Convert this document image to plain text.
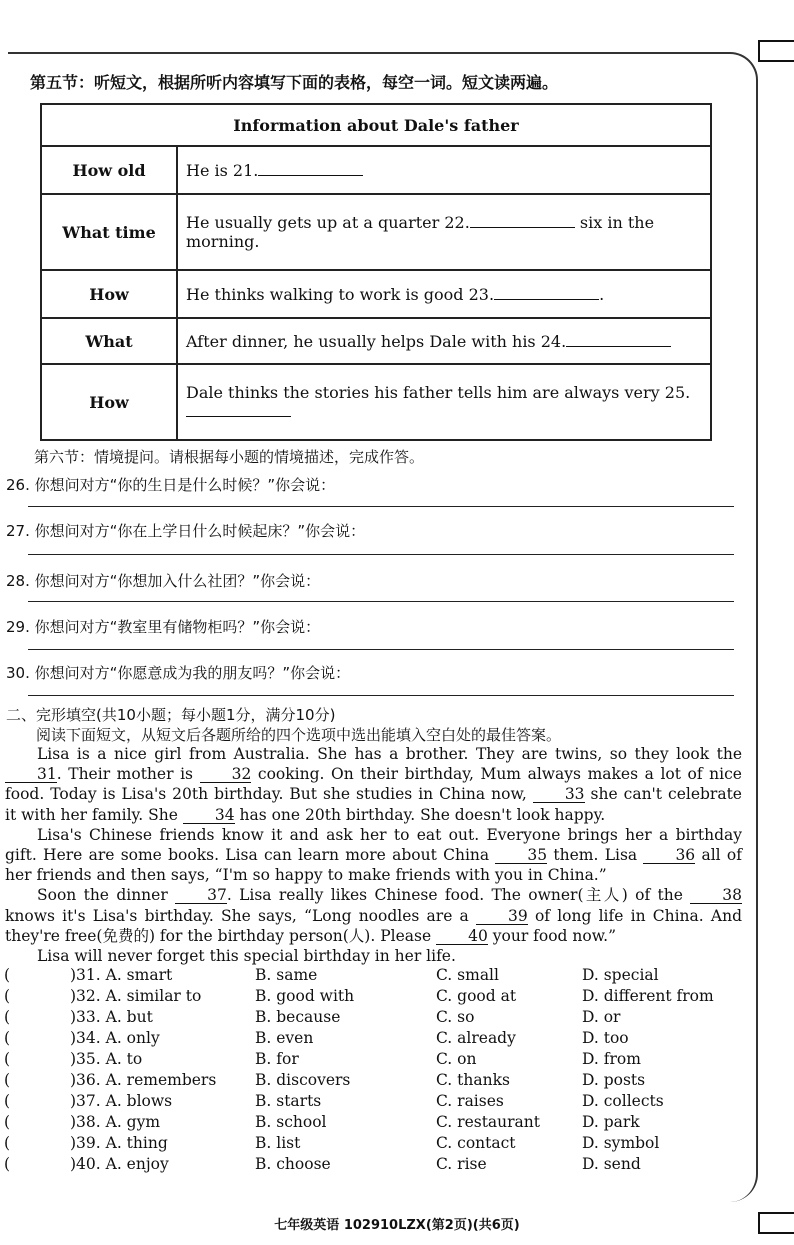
第五节：听短文，根据所听内容填写下面的表格，每空一词。短文读两遍。
Information about Dale's father	
How old	He is 21.
What time	He usually gets up at a quarter 22. six in the morning.
How	He thinks walking to work is good 23. .
What	After dinner, he usually helps Dale with his 24.
How	Dale thinks the stories his father tells him are always very 25.
第六节：情境提问。请根据每小题的情境描述，完成作答。
26. 你想问对方“你的生日是什么时候？”你会说：
27. 你想问对方“你在上学日什么时候起床？”你会说：
28. 你想问对方“你想加入什么社团？”你会说：
29. 你想问对方“教室里有储物柜吗？”你会说：
30. 你想问对方“你愿意成为我的朋友吗？”你会说：
二、完形填空(共10小题；每小题1分，满分10分)
阅读下面短文，从短文后各题所给的四个选项中选出能填入空白处的最佳答案。

Lisa is a nice girl from Australia. She has a brother. They are twins, so they look the 31. Their mother is 32 cooking. On their birthday, Mum always makes a lot of nice food. Today is Lisa's 20th birthday. But she studies in China now, 33 she can't celebrate it with her family. She 34 has one 20th birthday. She doesn't look happy.

Lisa's Chinese friends know it and ask her to eat out. Everyone brings her a birthday gift. Here are some books. Lisa can learn more about China 35 them. Lisa 36 all of her friends and then says, “I'm so happy to make friends with you in China.”

Soon the dinner	37. Lisa really likes Chinese food. The owner(主人) of the	38 knows it's Lisa's birthday. She says, “Long noodles are a	39 of long life in China. And they're free(免费的) for the birthday person(人). Please 40 your food now.”

Lisa will never forget this special birthday in her life.

(	)31. A. smart	B. same	C. small	D. special
(	)32. A. similar to	B. good with	C. good at	D. different from
(	)33. A. but	B. because	C. so	D. or
(	)34. A. only	B. even	C. already	D. too
(	)35. A. to	B. for	C. on	D. from
(	)36. A. remembers B. discovers	C. thanks	D. posts
(	)37. A. blows	B. starts	C. raises	D. collects
(	)38. A. gym	B. school	C. restaurant	D. park
(	)39. A. thing	B. list	C. contact	D. symbol
(	)40. A. enjoy	B. choose	C. rise	D. send
七年级英语 102910LZX(第2页)(共6页)
